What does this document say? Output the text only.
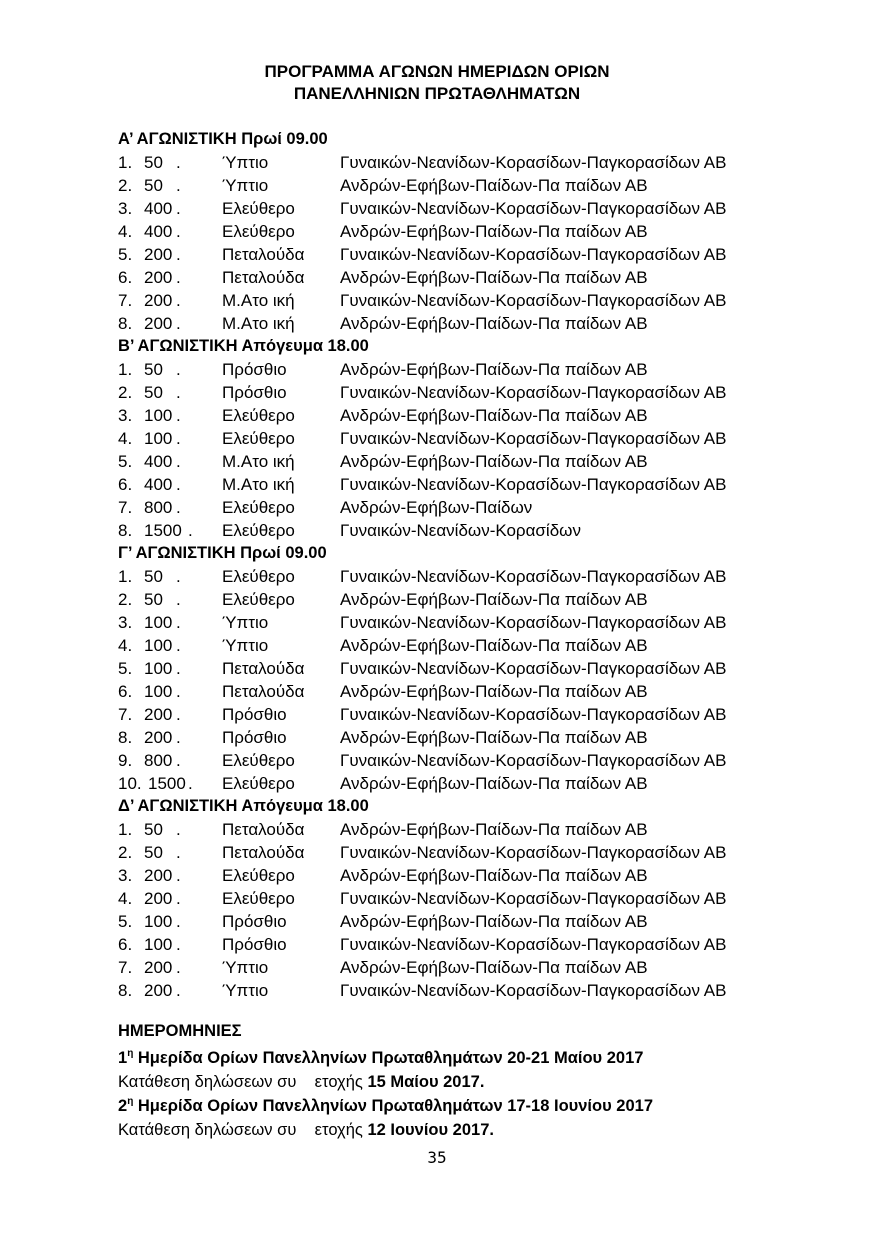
ΠΡΟΓΡΑΜΜΑ ΑΓΩΝΩΝ ΗΜΕΡΙΔΩΝ ΟΡΙΩΝ
ΠΑΝΕΛΛΗΝΙΩΝ ΠΡΩΤΑΘΛΗΜΑΤΩΝ
Α’ ΑΓΩΝΙΣΤΙΚΗ Πρωί 09.00
1. 50 . Ύπτιο	Γυναικών-Νεανίδων-Κορασίδων-Παγκορασίδων ΑΒ
2. 50 . Ύπτιο	Ανδρών-Εφήβων-Παίδων-Πα παίδων ΑΒ
3. 400 . Ελεύθερο	Γυναικών-Νεανίδων-Κορασίδων-Παγκορασίδων ΑΒ
4. 400 . Ελεύθερο	Ανδρών-Εφήβων-Παίδων-Πα παίδων ΑΒ
5. 200 . Πεταλούδα Γυναικών-Νεανίδων-Κορασίδων-Παγκορασίδων ΑΒ
6. 200 . Πεταλούδα Ανδρών-Εφήβων-Παίδων-Πα παίδων ΑΒ
7. 200 . Μ.Ατο ική	Γυναικών-Νεανίδων-Κορασίδων-Παγκορασίδων ΑΒ
8. 200 . Μ.Ατο ική	Ανδρών-Εφήβων-Παίδων-Πα παίδων ΑΒ
Β’ ΑΓΩΝΙΣΤΙΚΗ Απόγευμα 18.00
1. 50 . Πρόσθιο	Ανδρών-Εφήβων-Παίδων-Πα παίδων ΑΒ
2. 50 . Πρόσθιο	Γυναικών-Νεανίδων-Κορασίδων-Παγκορασίδων ΑΒ
3. 100 . Ελεύθερο	Ανδρών-Εφήβων-Παίδων-Πα παίδων ΑΒ
4. 100 . Ελεύθερο	Γυναικών-Νεανίδων-Κορασίδων-Παγκορασίδων ΑΒ
5. 400 . Μ.Ατο ική	Ανδρών-Εφήβων-Παίδων-Πα παίδων ΑΒ
6. 400 . Μ.Ατο ική	Γυναικών-Νεανίδων-Κορασίδων-Παγκορασίδων ΑΒ
7. 800 . Ελεύθερο	Ανδρών-Εφήβων-Παίδων
8. 1500 . Ελεύθερο	Γυναικών-Νεανίδων-Κορασίδων
Γ’ ΑΓΩΝΙΣΤΙΚΗ Πρωί 09.00
1. 50 . Ελεύθερο	Γυναικών-Νεανίδων-Κορασίδων-Παγκορασίδων ΑΒ
2. 50 . Ελεύθερο	Ανδρών-Εφήβων-Παίδων-Πα παίδων ΑΒ
3. 100 . Ύπτιο	Γυναικών-Νεανίδων-Κορασίδων-Παγκορασίδων ΑΒ
4. 100 . Ύπτιο	Ανδρών-Εφήβων-Παίδων-Πα παίδων ΑΒ
5. 100 . Πεταλούδα Γυναικών-Νεανίδων-Κορασίδων-Παγκορασίδων ΑΒ
6. 100 . Πεταλούδα Ανδρών-Εφήβων-Παίδων-Πα παίδων ΑΒ
7. 200 . Πρόσθιο	Γυναικών-Νεανίδων-Κορασίδων-Παγκορασίδων ΑΒ
8. 200 . Πρόσθιο	Ανδρών-Εφήβων-Παίδων-Πα παίδων ΑΒ
9. 800 . Ελεύθερο	Γυναικών-Νεανίδων-Κορασίδων-Παγκορασίδων ΑΒ
10. 1500 . Ελεύθερο	Ανδρών-Εφήβων-Παίδων-Πα παίδων ΑΒ
Δ’ ΑΓΩΝΙΣΤΙΚΗ Απόγευμα 18.00
1. 50 . Πεταλούδα Ανδρών-Εφήβων-Παίδων-Πα παίδων ΑΒ
2. 50 . Πεταλούδα Γυναικών-Νεανίδων-Κορασίδων-Παγκορασίδων ΑΒ
3. 200 . Ελεύθερο	Ανδρών-Εφήβων-Παίδων-Πα παίδων ΑΒ
4. 200 . Ελεύθερο	Γυναικών-Νεανίδων-Κορασίδων-Παγκορασίδων ΑΒ
5. 100 . Πρόσθιο	Ανδρών-Εφήβων-Παίδων-Πα παίδων ΑΒ
6. 100 . Πρόσθιο	Γυναικών-Νεανίδων-Κορασίδων-Παγκορασίδων ΑΒ
7. 200 . Ύπτιο	Ανδρών-Εφήβων-Παίδων-Πα παίδων ΑΒ
8. 200 . Ύπτιο	Γυναικών-Νεανίδων-Κορασίδων-Παγκορασίδων ΑΒ
ΗΜΕΡΟΜΗΝΙΕΣ
$1^\eta$ Ημερίδα Ορίων Πανελληνίων Πρωταθλημάτων 20-21 Μαίου 2017
Κατάθεση δηλώσεων συ    ετοχής 15 Μαίου 2017.
$2^\eta$ Ημερίδα Ορίων Πανελληνίων Πρωταθλημάτων 17-18 Ιουνίου 2017
Κατάθεση δηλώσεων συ    ετοχής 12 Ιουνίου 2017.
35
